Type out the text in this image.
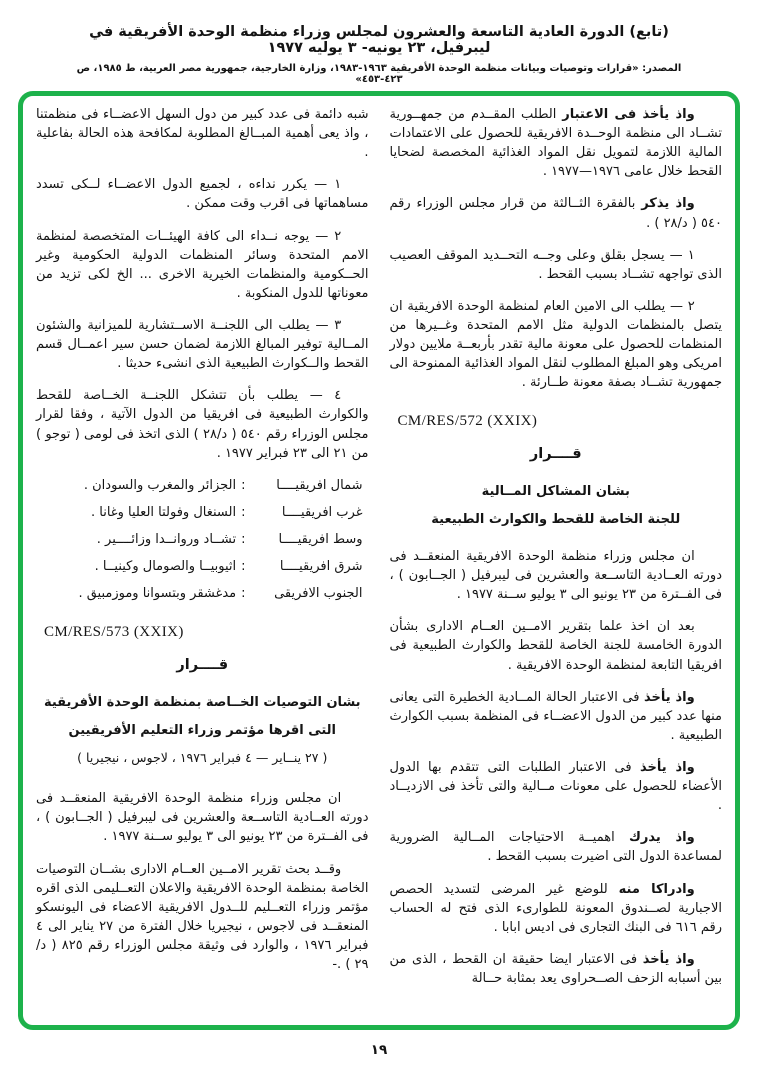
(تابع) الدورة العادية التاسعة والعشرون لمجلس وزراء منظمة الوحدة الأفريقية في ليبرفيل، ٢٣ يونيه- ٣ يوليه ١٩٧٧
المصدر: «قرارات وتوصيات وبيانات منظمة الوحدة الأفريقية ١٩٦٣-١٩٨٣، وزارة الخارجية، جمهورية مصر العربية، ط ١٩٨٥، ص ٤٢٣-٤٥٣»

واذ يأخذ فى الاعتبار الطلب المقــدم من جمهــورية تشــاد الى منظمة الوحــدة الافريقية للحصول على الاعتمادات المالية اللازمة لتمويل نقل المواد الغذائية المخصصة لضحايا القحط خلال عامى ١٩٧٦—١٩٧٧ .

واذ يذكر بالفقرة الثــالثة من قرار مجلس الوزراء رقم ٥٤٠ ( د/٢٨ ) .

١ — يسجل بقلق وعلى وجــه التحــديد الموقف العصيب الذى تواجهه تشــاد بسبب القحط .

٢ — يطلب الى الامين العام لمنظمة الوحدة الافريقية ان يتصل بالمنظمات الدولية مثل الامم المتحدة وغــيرها من المنظمات للحصول على معونة مالية تقدر بأربعــة ملايين دولار امريكى وهو المبلغ المطلوب لنقل المواد الغذائية الممنوحة الى جمهورية تشــاد بصفة معونة طــارئة .

CM/RES/572 (XXIX)

قــــرار
بشان المشاكل المــالية
للجنة الخاصة للقحط والكوارث الطبيعية

ان مجلس وزراء منظمة الوحدة الافريقية المنعقــد فى دورته العــادية التاســعة والعشرين فى ليبرفيل ( الجــابون ) ، فى الفــترة من ٢٣ يونيو الى ٣ يوليو ســنة ١٩٧٧ .

بعد ان اخذ علما بتقرير الامــين العــام الادارى بشأن الدورة الخامسة للجنة الخاصة للقحط والكوارث الطبيعية فى افريقيا التابعة لمنظمة الوحدة الافريقية .

واذ يأخذ فى الاعتبار الحالة المــادية الخطيرة التى يعانى منها عدد كبير من الدول الاعضــاء فى المنظمة بسبب الكوارث الطبيعية .

واذ يأخذ فى الاعتبار الطلبات التى تتقدم بها الدول الأعضاء للحصول على معونات مــالية والتى تأخذ فى الازديــاد .

واذ يدرك اهميــة الاحتياجات المــالية الضرورية لمساعدة الدول التى اضيرت بسبب القحط .

وادراكا منه للوضع غير المرضى لتسديد الحصص الاجبارية لصــندوق المعونة للطوارىء الذى فتح له الحساب رقم ٦١٦ فى البنك التجارى فى اديس ابابا .

واذ يأخذ فى الاعتبار ايضا حقيقة ان القحط ، الذى من بين أسبابه الزحف الصــحراوى يعد بمثابة حــالة

شبه دائمة فى عدد كبير من دول السهل الاعضــاء فى منظمتنا ، واذ يعى أهمية المبــالغ المطلوبة لمكافحة هذه الحالة بفاعلية .

١ — يكرر نداءه ، لجميع الدول الاعضــاء لــكى تسدد مساهماتها فى اقرب وقت ممكن .

٢ — يوجه نــداء الى كافة الهيئــات المتخصصة لمنظمة الامم المتحدة وسائر المنظمات الدولية الحكومية وغير الحــكومية والمنظمات الخيرية الاخرى ... الخ لكى تزيد من معوناتها للدول المنكوبة .

٣ — يطلب الى اللجنــة الاســتشارية للميزانية والشئون المــالية توفير المبالغ اللازمة لضمان حسن سير اعمــال قسم القحط والــكوارث الطبيعية الذى انشىء حديثا .

٤ — يطلب بأن تتشكل اللجنــة الخــاصة للقحط والكوارث الطبيعية فى افريقيا من الدول الآتية ، وفقا لقرار مجلس الوزراء رقم ٥٤٠ ( د/٢٨ ) الذى اتخذ فى لومى ( توجو ) من ٢١ الى ٢٣ فبراير ١٩٧٧ .

شمال افريقيــــا
:
الجزائر والمغرب والسودان .
غرب افريقيــــا
:
السنغال وفولتا العليا وغانا .
وسط افريقيــــا
:
تشــاد وروانــدا وزائــــير .
شرق افريقيــــا
:
اثيوبيــا والصومال وكينيــا .
الجنوب الافريقى
:
مدغشقر وبتسوانا وموزمبيق .

CM/RES/573 (XXIX)

قــــرار
بشان التوصيات الخــاصة بمنظمة الوحدة الأفريقية
التى اقرها مؤتمر وزراء التعليم الأفريقيين
( ٢٧ ينــاير — ٤ فبراير ١٩٧٦ ، لاجوس ، نيجيريا )

ان مجلس وزراء منظمة الوحدة الافريقية المنعقــد فى دورته العــادية التاســعة والعشرين فى ليبرفيل ( الجــابون ) ، فى الفــترة من ٢٣ يونيو الى ٣ يوليو ســنة ١٩٧٧ .

وقــد بحث تقرير الامــين العــام الادارى بشــان التوصيات الخاصة بمنظمة الوحدة الافريقية والاعلان التعــليمى الذى اقره مؤتمر وزراء التعــليم للــدول الافريقية الاعضاء فى اليونسكو المنعقــد فى لاجوس ، نيجيريا خلال الفترة من ٢٧ يناير الى ٤ فبراير ١٩٧٦ ، والوارد فى وثيقة مجلس الوزراء رقم ٨٢٥ ( د/٢٩ ) .-

١٩
